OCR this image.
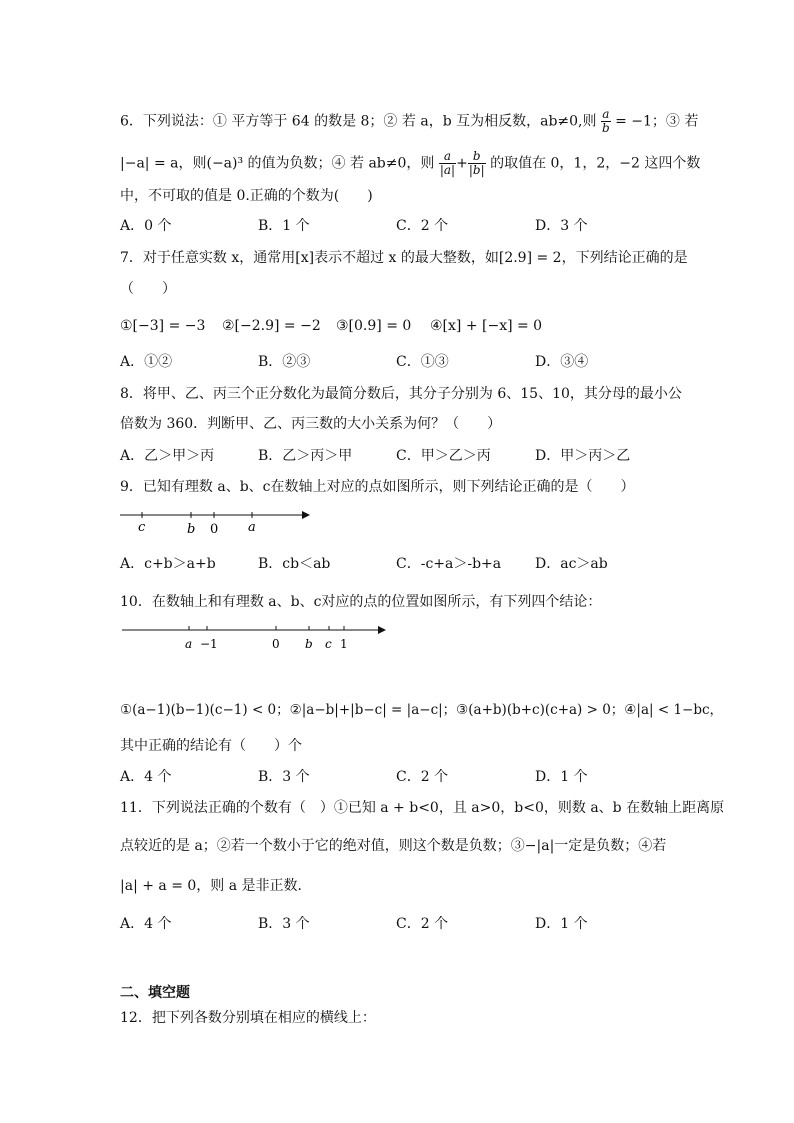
6．下列说法：① 平方等于 64 的数是 8；② 若 a，b 互为相反数，ab≠0,则 $\frac{a}{b} = -1$；③ 若
|−a| = a，则(−a)³ 的值为负数；④ 若 ab≠0，则 $\frac{a}{|a|} + \frac{b}{|b|}$ 的取值在 0，1，2，−2 这四个数
中，不可取的值是 0.正确的个数为(　　)
A．0 个	B．1 个	C．2 个	D．3 个
7．对于任意实数 x，通常用[x]表示不超过 x 的最大整数，如[2.9] = 2，下列结论正确的是
（　　）
①[−3] = −3 ②[−2.9] = −2 ③[0.9] = 0 ④[x] + [−x] = 0
A．①②	B．②③	C．①③	D．③④
8．将甲、乙、丙三个正分数化为最简分数后，其分子分别为 6、15、10，其分母的最小公
倍数为 360．判断甲、乙、丙三数的大小关系为何？（　　）
A．乙＞甲＞丙	B．乙＞丙＞甲	C．甲＞乙＞丙	D．甲＞丙＞乙
9．已知有理数 a、b、c在数轴上对应的点如图所示，则下列结论正确的是（　　）
c	b 0 a
A．c+b＞a+b	B．cb＜ab	C．-c+a＞-b+a D．ac＞ab
10．在数轴上和有理数 a、b、c对应的点的位置如图所示，有下列四个结论：
a −1	0 b c 1
①(a−1)(b−1)(c−1) < 0；②|a−b|+|b−c| = |a−c|；③(a+b)(b+c)(c+a) > 0；④|a| < 1−bc，
其中正确的结论有（　　）个
A．4 个	B．3 个	C．2 个	D．1 个
11．下列说法正确的个数有（　）①已知 a + b<0，且 a>0，b<0，则数 a、b 在数轴上距离原
点较近的是 a；②若一个数小于它的绝对值，则这个数是负数；③−|a|一定是负数；④若
|a| + a = 0，则 a 是非正数．
A．4 个	B．3 个	C．2 个	D．1 个
二、填空题
12．把下列各数分别填在相应的横线上：
